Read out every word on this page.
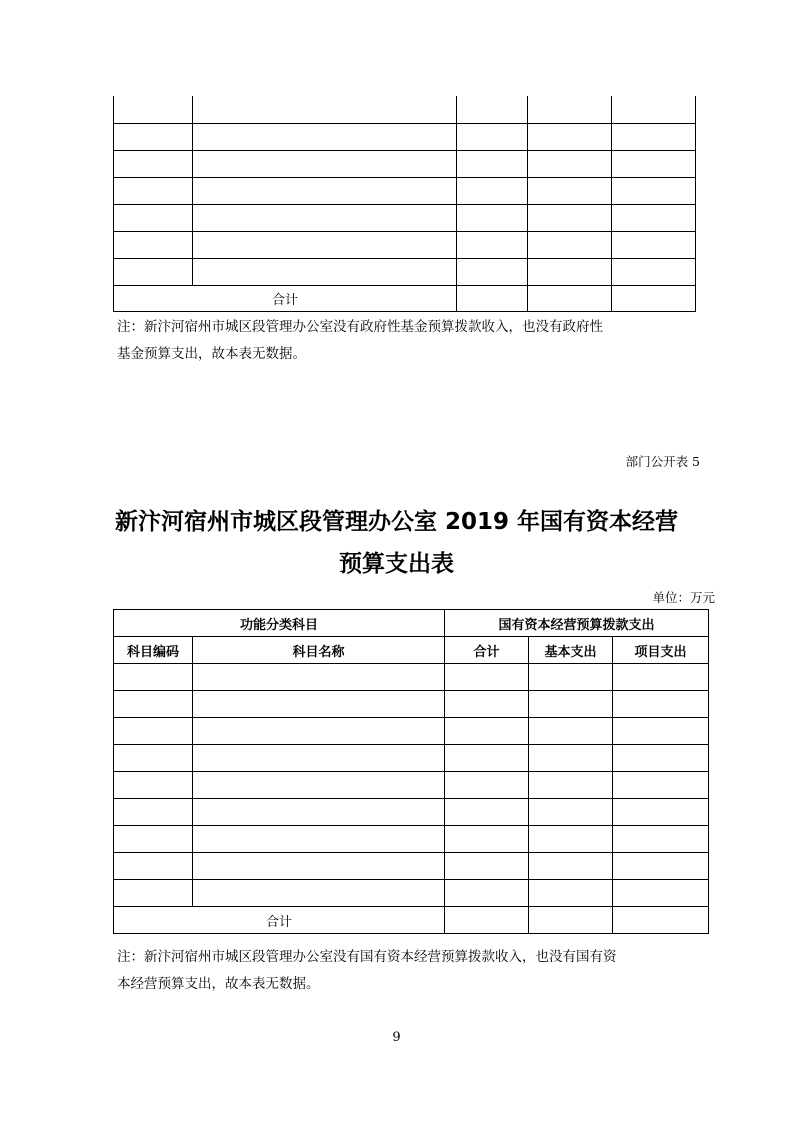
合计				
注：新汴河宿州市城区段管理办公室没有政府性基金预算拨款收入，也没有政府性
基金预算支出，故本表无数据。
部门公开表 5
新汴河宿州市城区段管理办公室 2019 年国有资本经营
预算支出表
单位：万元
功能分类科目		国有资本经营预算拨款支出		
科目编码	科目名称	合计	基本支出	项目支出

合计				
注：新汴河宿州市城区段管理办公室没有国有资本经营预算拨款收入，也没有国有资
本经营预算支出，故本表无数据。
9
